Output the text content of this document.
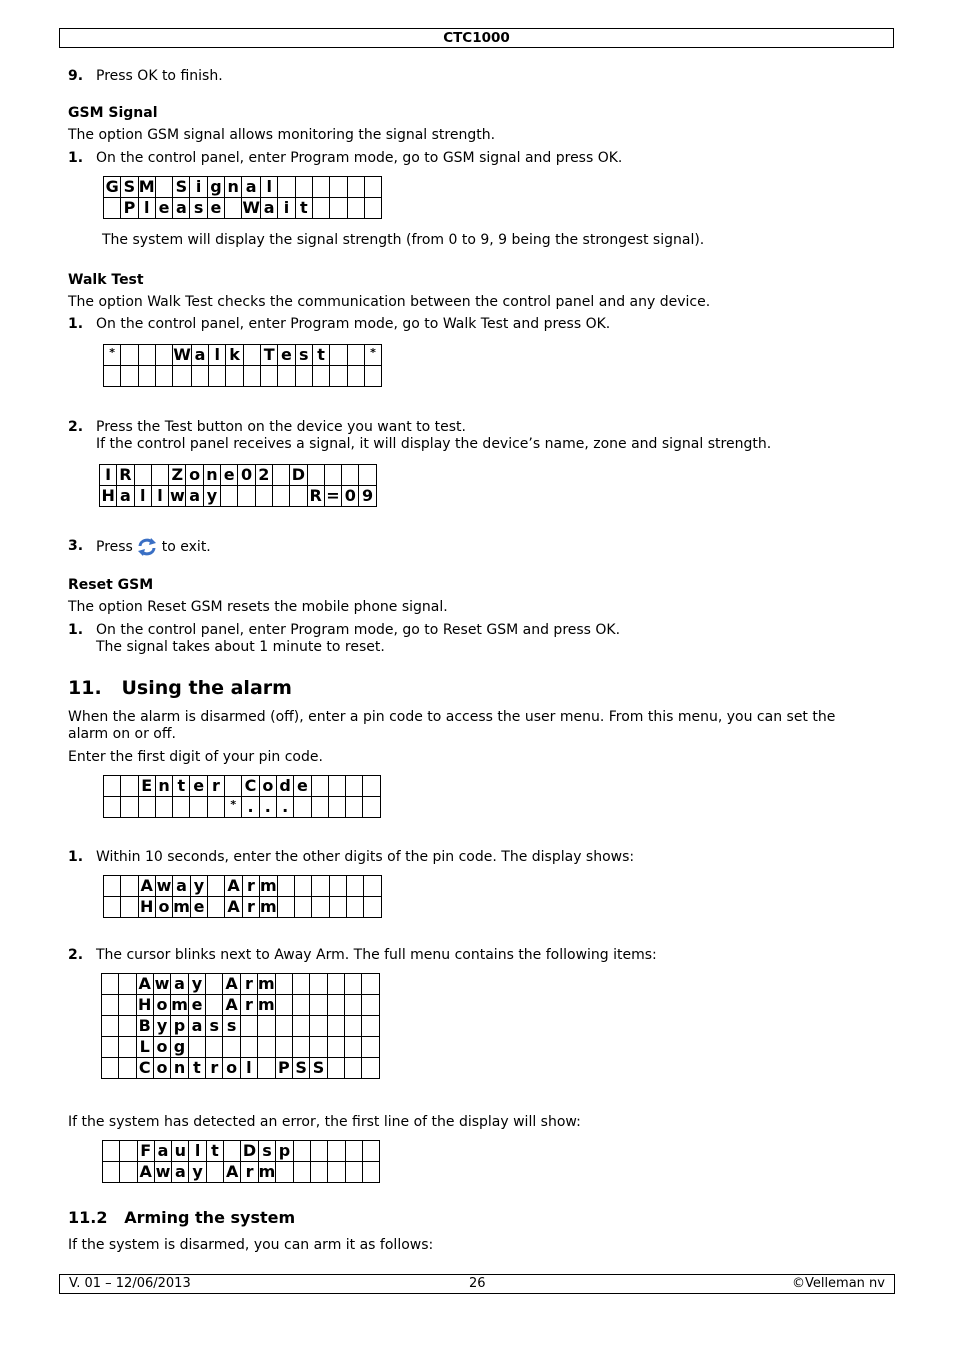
CTC1000
9. Press OK to finish.
GSM Signal
The option GSM signal allows monitoring the signal strength.
1. On the control panel, enter Program mode, go to GSM signal and press OK.
G	S	M		S	i	g	n	a	l						
	P	l	e	a	s	e		W	a	i	t				
The system will display the signal strength (from 0 to 9, 9 being the strongest signal).
Walk Test
The option Walk Test checks the communication between the control panel and any device.
1. On the control panel, enter Program mode, go to Walk Test and press OK.
*				W	a	l	k		T	e	s	t			*

2. Press the Test button on the device you want to test.
If the control panel receives a signal, it will display the device’s name, zone and signal strength.
I	R			Z	o	n	e	0	2		D				
H	a	l	l	w	a	y						R	=	0	9
3. Press to exit.
Reset GSM
The option Reset GSM resets the mobile phone signal.
1. On the control panel, enter Program mode, go to Reset GSM and press OK.
The signal takes about 1 minute to reset.
11.   Using the alarm
When the alarm is disarmed (off), enter a pin code to access the user menu. From this menu, you can set the
alarm on or off.
Enter the first digit of your pin code.
		E	n	t	e	r		C	o	d	e				
							*	.	.	.					
1. Within 10 seconds, enter the other digits of the pin code. The display shows:
		A	w	a	y		A	r	m						
		H	o	m	e		A	r	m						
2. The cursor blinks next to Away Arm. The full menu contains the following items:
		A	w	a	y		A	r	m						
		H	o	m	e		A	r	m						
		B	y	p	a	s	s								
		L	o	g											
		C	o	n	t	r	o	l		P	S	S			
If the system has detected an error, the first line of the display will show:
		F	a	u	l	t		D	s	p					
		A	w	a	y		A	r	m						
11.2   Arming the system
If the system is disarmed, you can arm it as follows:
V. 01 – 12/06/2013	26	©Velleman nv
